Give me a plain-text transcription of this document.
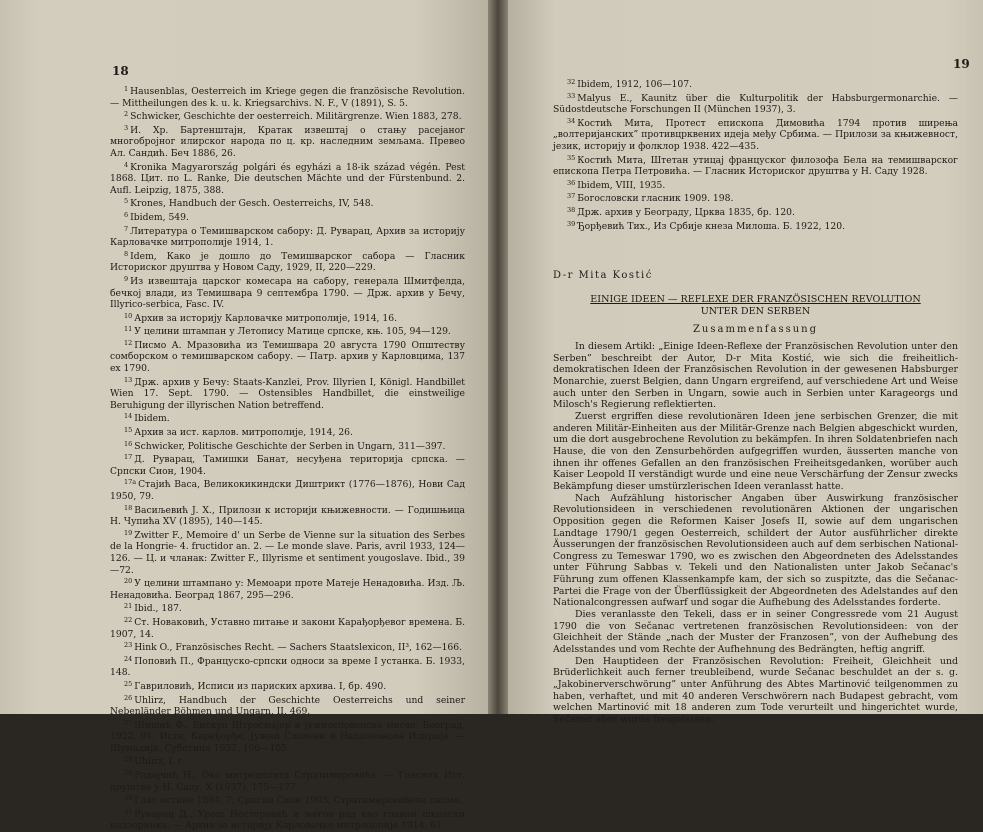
18

$^1$ Hausenblas, Oesterreich im Kriege gegen die französische Revolution. — Mittheilungen des k. u. k. Kriegsarchivs. N. F., V (1891), S. 5.

$^2$ Schwicker, Geschichte der oesterreich. Militärgrenze. Wien 1883, 278.

$^3$ И. Хр. Бартенштајн, Кратак извештај о стању расејаног многобројног илирског народа по ц. кр. наследним земљама. Превео Ал. Сандић. Беч 1886, 26.

$^4$ Kronika Magyarország polgári és egyházi a 18-ik század végén. Pest 1868. Цит. по L. Ranke, Die deutschen Mächte und der Fürstenbund. 2. Aufl. Leipzig, 1875, 388.

$^5$ Krones, Handbuch der Gesch. Oesterreichs, IV, 548.

$^6$ Ibidem, 549.

$^7$ Литература о Темишварском сабору: Д. Руварац, Архив за историју Карловачке митрополије 1914, 1.

$^8$ Idem, Како је дошло до Темишварског сабора — Гласник Историског друштва у Новом Саду, 1929, II, 220—229.

$^9$ Из извештаја царског комесара на сабору, генерала Шмитфелда, бечкој влади, из Темишвара 9 септембра 1790. — Држ. архив у Бечу, Illyrico-serbica, Fasc. IV.

$^{10}$ Архив за историју Карловачке митрополије, 1914, 16.

$^{11}$ У целини штампан у Летопису Матице српске, књ. 105, 94—129.

$^{12}$ Писмо А. Мразовића из Темишвара 20 августа 1790 Општеству сомборском о темишварском сабору. — Патр. архив у Карловцима, 137 ex 1790.

$^{13}$ Држ. архив у Бечу: Staats-Kanzlei, Prov. Illyrien I, Königl. Handbillet Wien 17. Sept. 1790. — Ostensibles Handbillet, die einstweilige Beruhigung der illyrischen Nation betreffend.

$^{14}$ Ibidem.

$^{15}$ Архив за ист. карлов. митрополије, 1914, 26.

$^{16}$ Schwicker, Politische Geschichte der Serben in Ungarn, 311—397.

$^{17}$ Д. Руварац, Тамишки Банат, несуђена територија српска. — Српски Сион, 1904.

$^{17a}$ Стајић Васа, Великокикиндски Диштрикт (1776—1876), Нови Сад 1950, 79.

$^{18}$ Васиљевић Ј. Х., Прилози к историји књижевности. — Годишњица Н. Чупића XV (1895), 140—145.

$^{19}$ Zwitter F., Memoire d' un Serbe de Vienne sur la situation des Serbes de la Hongrie- 4. fructidor an. 2. — Le monde slave. Paris, avril 1933, 124—126. — Ц. и чланак: Zwitter F., Illyrisme et sentiment yougoslave. Ibid., 39—72.

$^{20}$ У целини штампано у: Мемоари проте Матеје Ненадовића. Изд. Љ. Ненадовића. Београд 1867, 295—296.

$^{21}$ Ibid., 187.

$^{22}$ Ст. Новаковић, Уставно питање и закони Карађорђевог времена. Б. 1907, 14.

$^{23}$ Hink O., Französisches Recht. — Sachers Staatslexicon, II³, 162—166.

$^{24}$ Поповић П., Француско-српски односи за време I устанка. Б. 1933, 148.

$^{25}$ Гавриловић, Исписи из париских архива. I, бр. 490.

$^{26}$ Uhlirz, Handbuch der Geschichte Oesterreichs und seiner Nebenländer Böhmen und Ungarn, II, 469.

$^{27}$ Шишић Ф., Бискуп Штросмајер и јужнословенска мисао. Београд, 1922, 91; Исти, Карађорђе, Јужни Словени и Наполеонова Илирија. — Шумадија. Суботица 1932, 100—105.

$^{28}$ Uhlirz, l. c.

$^{29}$ Радојчић Н., Око митрополита Стратимировића. — Гласник Ист. друштва у Н. Саду, X (1937), 175—177.

$^{30}$ Глас истине 1884, 7; Српски Сион 1903, Стратимировићева писма.

$^{31}$ Руварац Д., Урош Несторовић и његов рад као главни школски надзорника. — Архив за историју Карловачке митрополије 1914, 61.

19

$^{32}$ Ibidem, 1912, 106—107.

$^{33}$ Malyus E., Kaunitz über die Kulturpolitik der Habsburgermonarchie. — Südostdeutsche Forschungen II (München 1937), 3.

$^{34}$ Костић Мита, Протест епископа Димовића 1794 против ширења „волтеријанских” противцрквених идеја међу Србима. — Прилози за књижевност, језик, историју и фолклор 1938. 422—435.

$^{35}$ Костић Мита, Штетан утицај француског филозофа Бела на темишварског епископа Петра Петровића. — Гласник Историског друштва у Н. Саду 1928.

$^{36}$ Ibidem, VIII, 1935.

$^{37}$ Богословски гласник 1909. 198.

$^{38}$ Држ. архив у Београду, Црква 1835, бр. 120.

$^{39}$ Ђорђевић Тих., Из Србије кнеза Милоша. Б. 1922, 120.

D-r Mita Kostić
EINIGE IDEEN — REFLEXE DER FRANZÖSISCHEN REVOLUTION
UNTER DEN SERBEN
Zusammenfassung

In diesem Artikl: „Einige Ideen-Reflexe der Französischen Revolution unter den Serben” beschreibt der Autor, D-r Mita Kostić, wie sich die freiheitlich-demokratischen Ideen der Französischen Revolution in der gewesenen Habsburger Monarchie, zuerst Belgien, dann Ungarn ergreifend, auf verschiedene Art und Weise auch unter den Serben in Ungarn, sowie auch in Serbien unter Karageorgs und Milosch's Regierung reflektierten.

Zuerst ergriffen diese revolutionären Ideen jene serbischen Grenzer, die mit anderen Militär-Einheiten aus der Militär-Grenze nach Belgien abgeschickt wurden, um die dort ausgebrochene Revolution zu bekämpfen. In ihren Soldatenbriefen nach Hause, die von den Zensurbehörden aufgegriffen wurden, äusserten manche von ihnen ihr offenes Gefallen an den französischen Freiheitsgedanken, worüber auch Kaiser Leopold II verständigt wurde und eine neue Verschärfung der Zensur zwecks Bekämpfung dieser umstürzlerischen Ideen veranlasst hatte.

Nach Aufzählung historischer Angaben über Auswirkung französischer Revolutionsideen in verschiedenen revolutionären Aktionen der ungarischen Opposition gegen die Reformen Kaiser Josefs II, sowie auf dem ungarischen Landtage 1790/1 gegen Oesterreich, schildert der Autor ausführlicher direkte Äusserungen der französischen Revolutionsideen auch auf dem serbischen National-Congress zu Temeswar 1790, wo es zwischen den Abgeordneten des Adelsstandes unter Führung Sabbas v. Tekeli und den Nationalisten unter Jakob Sečanac's Führung zum offenen Klassenkampfe kam, der sich so zuspitzte, das die Sečanac-Partei die Frage von der Überflüssigkeit der Abgeordneten des Adelstandes auf den Nationalcongressen aufwarf und sogar die Aufhebung des Adelsstandes forderte.

Dies veranlasste den Tekeli, dass er in seiner Congressrede vom 21 August 1790 die von Sečanac vertretenen französischen Revolutionsideen: von der Gleichheit der Stände „nach der Muster der Franzosen”, von der Aufhebung des Adelsstandes und vom Rechte der Aufhehnung des Bedrängten, heftig angriff.

Den Hauptideen der Französischen Revolution: Freiheit, Gleichheit und Brüderlichkeit auch ferner treubleibend, wurde Sečanac beschuldet an der s. g. „Jakobinerverschwörung” unter Anführung des Abtes Martinović teilgenommen zu haben, verhaftet, und mit 40 anderen Verschwörern nach Budapest gebracht, vom welchen Martinović mit 18 anderen zum Tode verurteilt und hingerichtet wurde, Sečanac aber wurde freigelassen.
